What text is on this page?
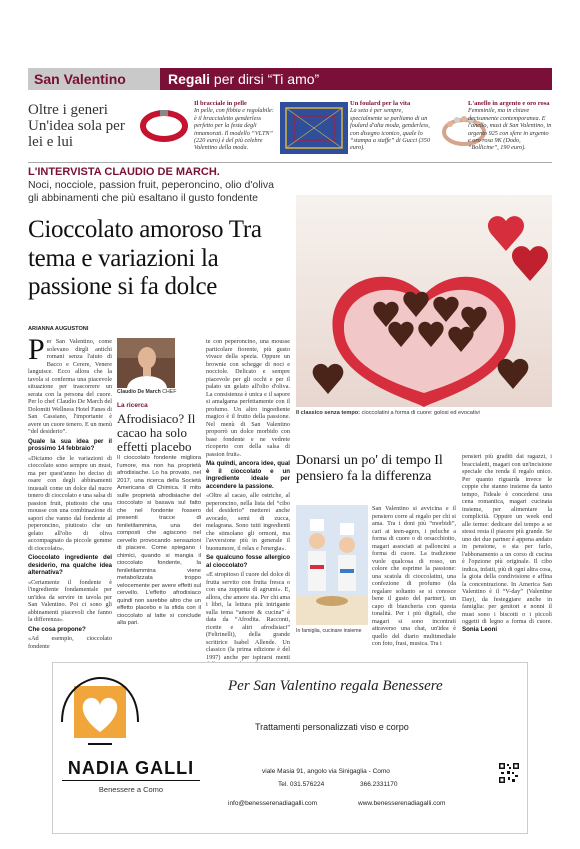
San Valentino	Regali per dirsi “Ti amo”
Oltre i generi Un'idea sola per lei e lui
Il bracciale in pelle
In pelle, con fibbia e regolabile: è il braccialetto genderless perfetto per la festa degli innamorati. Il modello “VLTN” (220 euro) è del più celebre Valentino della moda.
Un foulard per la vita
La seta è per sempre, specialmente se parliamo di un foulard d'alta moda, genderless, con disegno iconico, quale lo “stampa a staffe” di Gucci (350 euro).
L'anello in argento e oro rosa
Femminile, ma in chiave decisamente contemporanea. E l'anello, must di San Valentino, in argento 925 con sfere in argento e oro rosa 9K (Dodo, “Bollicine”, 190 euro).
L'INTERVISTA CLAUDIO DE MARCH.
Noci, nocciole, passion fruit, peperoncino, olio d'oliva gli abbinamenti che più esaltano il gusto fondente
Cioccolato amoroso Tra tema e variazioni la passione si fa dolce
Il classico senza tempo: cioccolatini a forma di cuore: golosi ed evocativi
ARIANNA AUGUSTONI

Per San Valentino, come solevano dirgli antichi romani senza l'aiuto di Bacco e Cerere, Venere languisce. Ecco allora che la tavola si conferma una piacevole situazione per trascorrere un serata con la persona del cuore. Per lo chef Claudio De March del Dolomiti Wellness Hotel Fanes di San Cassiano, l'importante è avere un cuore tenero. E un menù “del desiderio”.

Quale la sua idea per il prossimo 14 febbraio?

«Diciamo che le variazioni di cioccolato sono sempre un must, ma per quest'anno ho deciso di osare con degli abbinamenti inusuali come un dolce dal nucre tenero di cioccolato e una salsa di passion fruit, piuttosto che una mousse con una combinazione di sapori che vanno dal fondente al peperoncino, piuttosto che un gelato all'olio di oliva accompagnato da piccole gemme di cioccolato».

Cioccolato ingrediente del desiderio, ma qualche idea alternativa?

«Certamente il fondente è l'ingrediente fondamentale per un'idea da servire in tavola per San Valentino. Poi ci sono gli abbinamenti piacevoli che fanno la differenza».

Che cosa propone?

«Ad esempio, cioccolato fondente

Claudio De March CHEF
La ricerca
Afrodisiaco? Il cacao ha solo effetti placebo
Il cioccolato fondente migliora l'umore, ma non ha proprietà afrodisiache. Lo ha provato, nel 2017, una ricerca della Società Americana di Chimica. Il mito sulle proprietà afrodisiache del cioccolato si basava sul fatto che nel fondente fossero presenti tracce di feniletilammina, una dei composti che agiscono nel cervello provocando sensazioni di piacere. Come spiegano i chimici, quando si mangia il cioccolato fondente, la feniletilammina viene metabolizzata troppo velocemente per avere effetti sul cervello. L'effetto afrodisiaco quindi non sarebbe altro che un effetto placebo e la sfida con il cioccolato al latte si conclude alla pari.

te con peperoncino, una mousse particolare fiorente, più gusto vivace della spezia. Oppure un brownie con schegge di noci e nocciole. Delicato e sempre piacevole per gli occhi e per il palato un gelato all'olio d'oliva. La consistenza è unica e il sapore si amalgama perfettamente con il profumo. Un altro ingrediente magico è il frutto della passione. Nel menù di San Valentino proporrò un dolce morbido con base fondente e ne vedrete ricoperto con della salsa di passion fruit».

Ma quindi, ancora idee, qual è il cioccolato e un ingrediente ideale per accendere la passione.

«Oltre al cacao, alle ostriche, al peperoncino, nella lista del “cibo del desiderio” metterei anche avocado, semi di zucca, melagrana. Sono tutti ingredienti che stimolano gli ormoni, ma l'avversione più in generale il buonumore, il relax e l'energia».

Se qualcuno fosse allergico al cioccolato?

«E stropitoso il cuore del dolce di frutta servito con frutta fresca o con una zuppetta di agrumi». E, allora, che amore sia. Per chi ama i libri, la lettura più intrigante sulla tema “amore & cucina” è data da “Afrodita. Racconti, ricette e altri afrodisiaci” (Feltrinelli), della grande scrittrice Isabel Allende. Un classico (la prima edizione è del 1997) anche per ispirarsi menti

Donarsi un po' di tempo Il pensiero fa la differenza
In famiglia, cucinare insieme
San Valentino si avvicina e il pensiero corre al regalo per chi si ama. Tra i doni più “morbidi”, cari ai teen-agers, i peluche a forma di cuore o di orsacchiotto, magari associati ai palloncini a forma di cuore. La tradizione vuole qualcosa di rosso, un colore che esprime la passione: una scatola di cioccolatini, una confezione di profumo (da regalare soltanto se si conosce bene il gusto del partner), un capo di biancheria con questa tonalità. Per i più digitali, che magari si sono incontrati attraverso una chat, un'idea è quello del diario multimediale con foto, frasi, musica. Tra i
pensieri più graditi dai ragazzi, i braccialetti, magari con un'incisione speciale che renda il regalo unico. Per quanto riguarda invece le coppie che stanno insieme da tanto tempo, l'ideale è concedersi una cena romantica, magari cucinata insieme, per alimentare la complicità. Oppure un week end alle terme: dedicare del tempo a se stessi resta il piacere più grande. Se uno dei due partner è appena andato in pensione, o sta per farlo, l'abbonamento a un corso di cucina è l'opzione più originale. Il cibo indica, infatti, più di ogni altra cosa, la gioia della condivisione e affina la concentrazione. In America San Valentino è il “V-day” (Valentine Day), da festeggiare anche in famiglia: per genitori e nonni il must sono i biscotti o i piccoli oggetti di legno a forma di cuore. Sonia Leoni
NADIA GALLI
Benessere a Como
Per San Valentino regala Benessere
Trattamenti personalizzati viso e corpo
viale Masia 91, angolo via Sinigaglia - Como
Tel. 031.576224	366.2331170
info@benesserenadiagalli.com	www.benesserenadiagalli.com
